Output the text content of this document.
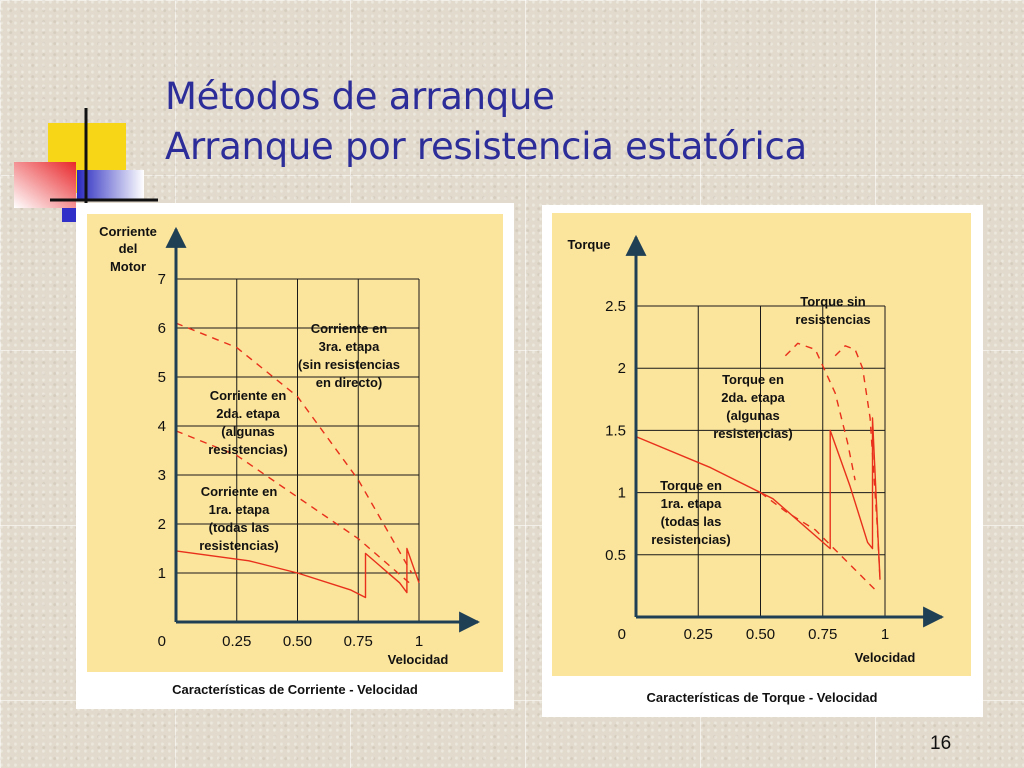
Métodos de arranque
Arranque por resistencia estatórica
0.25 0.50 0.75	1
1
2
3
4
5
6
7
0
Corriente
del
Motor
Velocidad
Características de Corriente - Velocidad
Corriente en
3ra. etapa
(sin resistencias
en directo)
Corriente en
2da. etapa
(algunas
resistencias)
Corriente en
1ra. etapa
(todas las
resistencias)
0.25 0.50 0.75	1
0.5
1
1.5
2
2.5
0
Torque
Velocidad
Características de Torque - Velocidad
Torque sin
resistencias
Torque en
2da. etapa
(algunas
resistencias)
Torque en
1ra. etapa
(todas las
resistencias)
16
